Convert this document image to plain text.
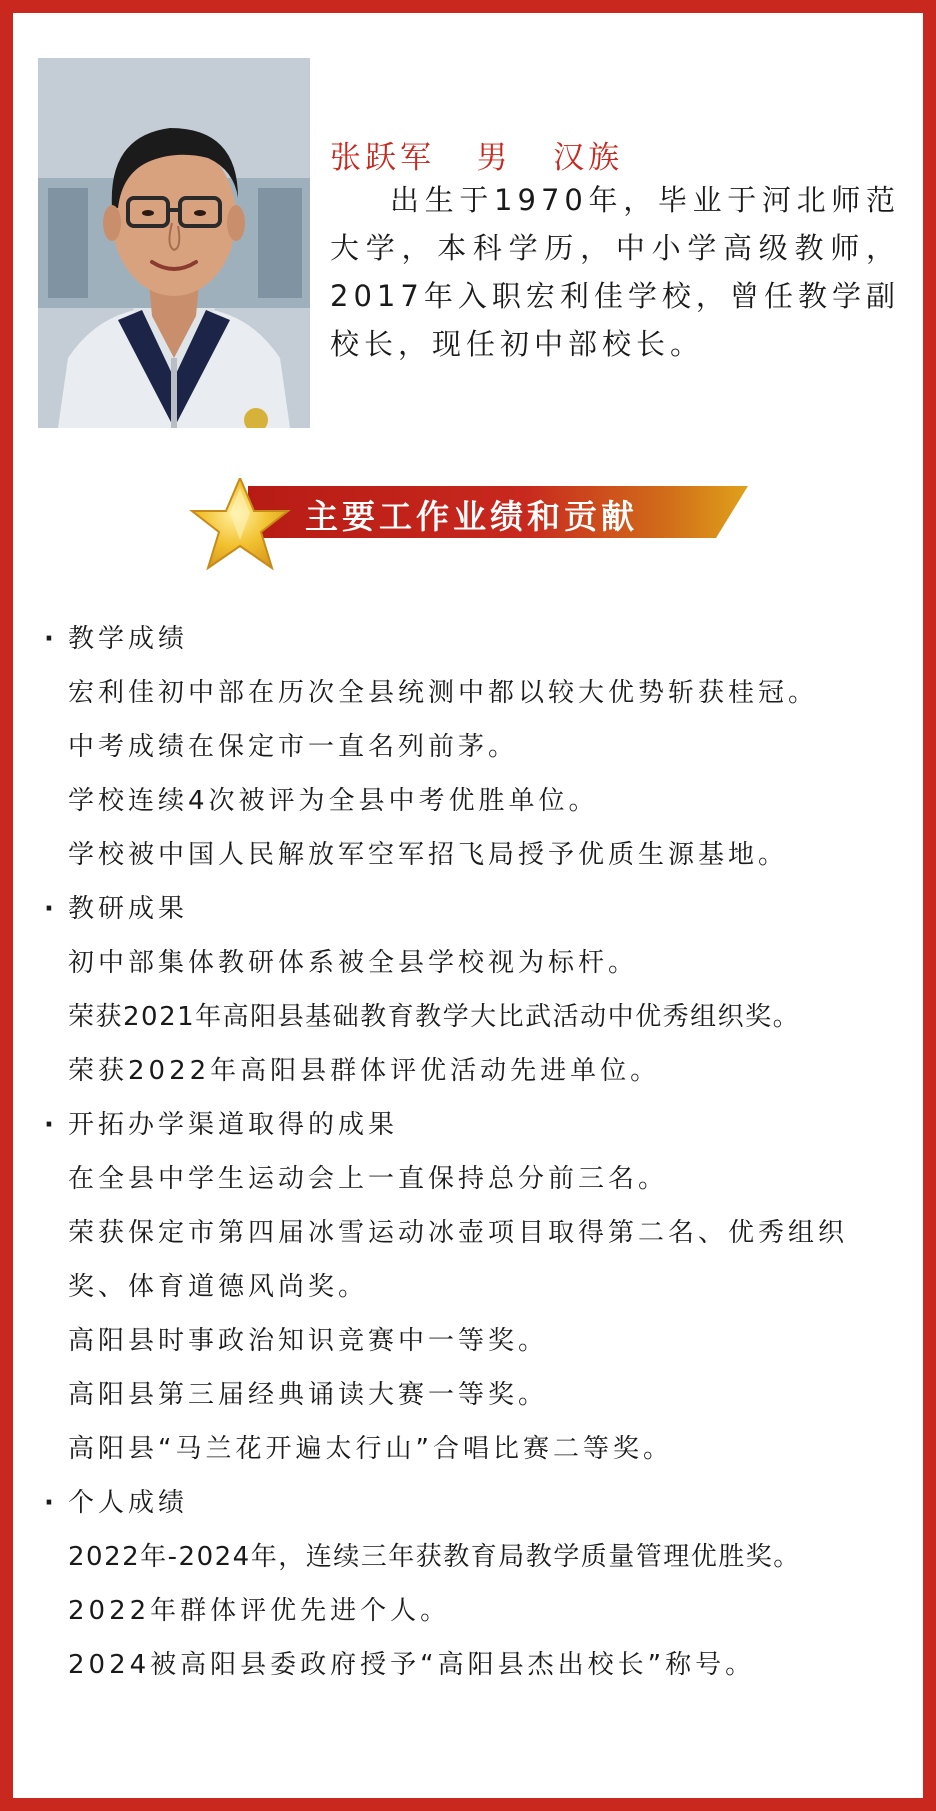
张跃军   男   汉族
出生于1970年，毕业于河北师范大学，本科学历，中小学高级教师，2017年入职宏利佳学校，曾任教学副校长，现任初中部校长。
主要工作业绩和贡献
· 教学成绩
宏利佳初中部在历次全县统测中都以较大优势斩获桂冠。
中考成绩在保定市一直名列前茅。
学校连续4次被评为全县中考优胜单位。
学校被中国人民解放军空军招飞局授予优质生源基地。
· 教研成果
初中部集体教研体系被全县学校视为标杆。
荣获2021年高阳县基础教育教学大比武活动中优秀组织奖。
荣获2022年高阳县群体评优活动先进单位。
· 开拓办学渠道取得的成果
在全县中学生运动会上一直保持总分前三名。
荣获保定市第四届冰雪运动冰壶项目取得第二名、优秀组织奖、体育道德风尚奖。
高阳县时事政治知识竞赛中一等奖。
高阳县第三届经典诵读大赛一等奖。
高阳县“马兰花开遍太行山”合唱比赛二等奖。
· 个人成绩
2022年-2024年，连续三年获教育局教学质量管理优胜奖。
2022年群体评优先进个人。
2024被高阳县委政府授予“高阳县杰出校长”称号。
